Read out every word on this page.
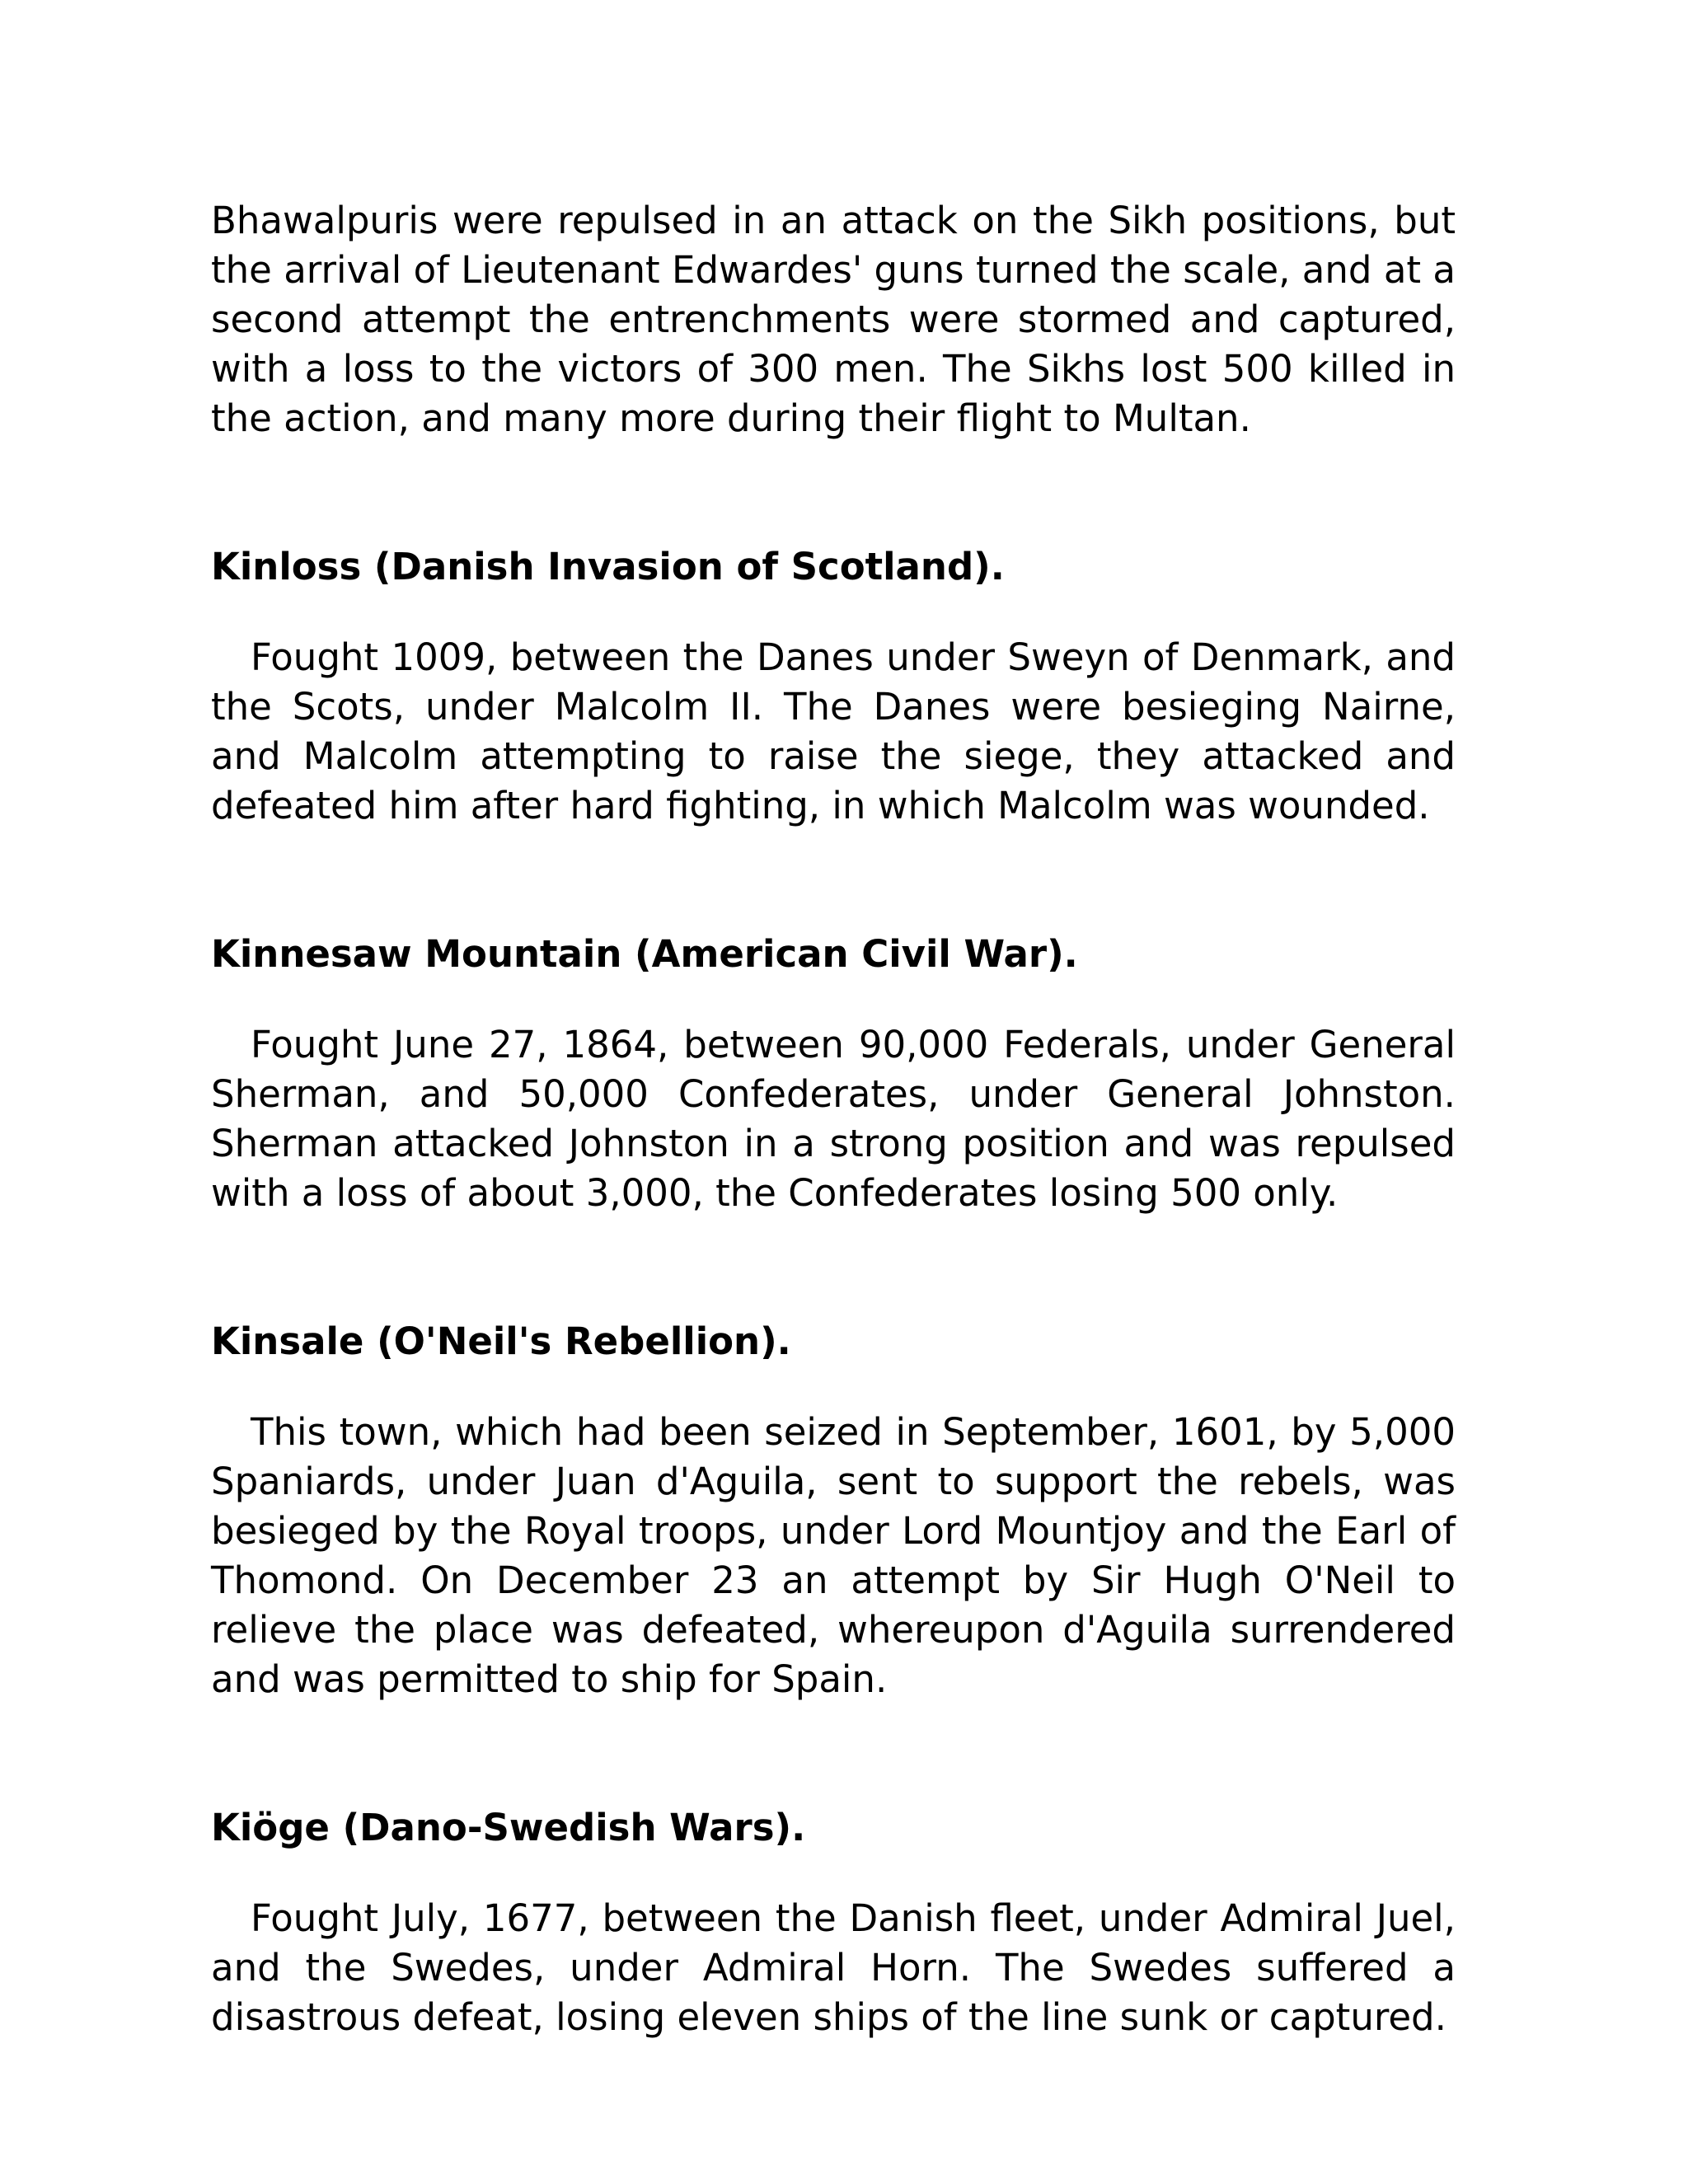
Bhawalpuris were repulsed in an attack on the Sikh positions, but the arrival of Lieutenant Edwardes' guns turned the scale, and at a second attempt the entrenchments were stormed and captured, with a loss to the victors of 300 men. The Sikhs lost 500 killed in the action, and many more during their flight to Multan.

Kinloss (Danish Invasion of Scotland).

Fought 1009, between the Danes under Sweyn of Denmark, and the Scots, under Malcolm II. The Danes were besieging Nairne, and Malcolm attempting to raise the siege, they attacked and defeated him after hard fighting, in which Malcolm was wounded.

Kinnesaw Mountain (American Civil War).

Fought June 27, 1864, between 90,000 Federals, under General Sherman, and 50,000 Confederates, under General Johnston. Sherman attacked Johnston in a strong position and was repulsed with a loss of about 3,000, the Confederates losing 500 only.

Kinsale (O'Neil's Rebellion).

This town, which had been seized in September, 1601, by 5,000 Spaniards, under Juan d'Aguila, sent to support the rebels, was besieged by the Royal troops, under Lord Mountjoy and the Earl of Thomond. On December 23 an attempt by Sir Hugh O'Neil to relieve the place was defeated, whereupon d'Aguila surrendered and was permitted to ship for Spain.

Kiöge (Dano-Swedish Wars).

Fought July, 1677, between the Danish fleet, under Admiral Juel, and the Swedes, under Admiral Horn. The Swedes suffered a disastrous defeat, losing eleven ships of the line sunk or captured.
